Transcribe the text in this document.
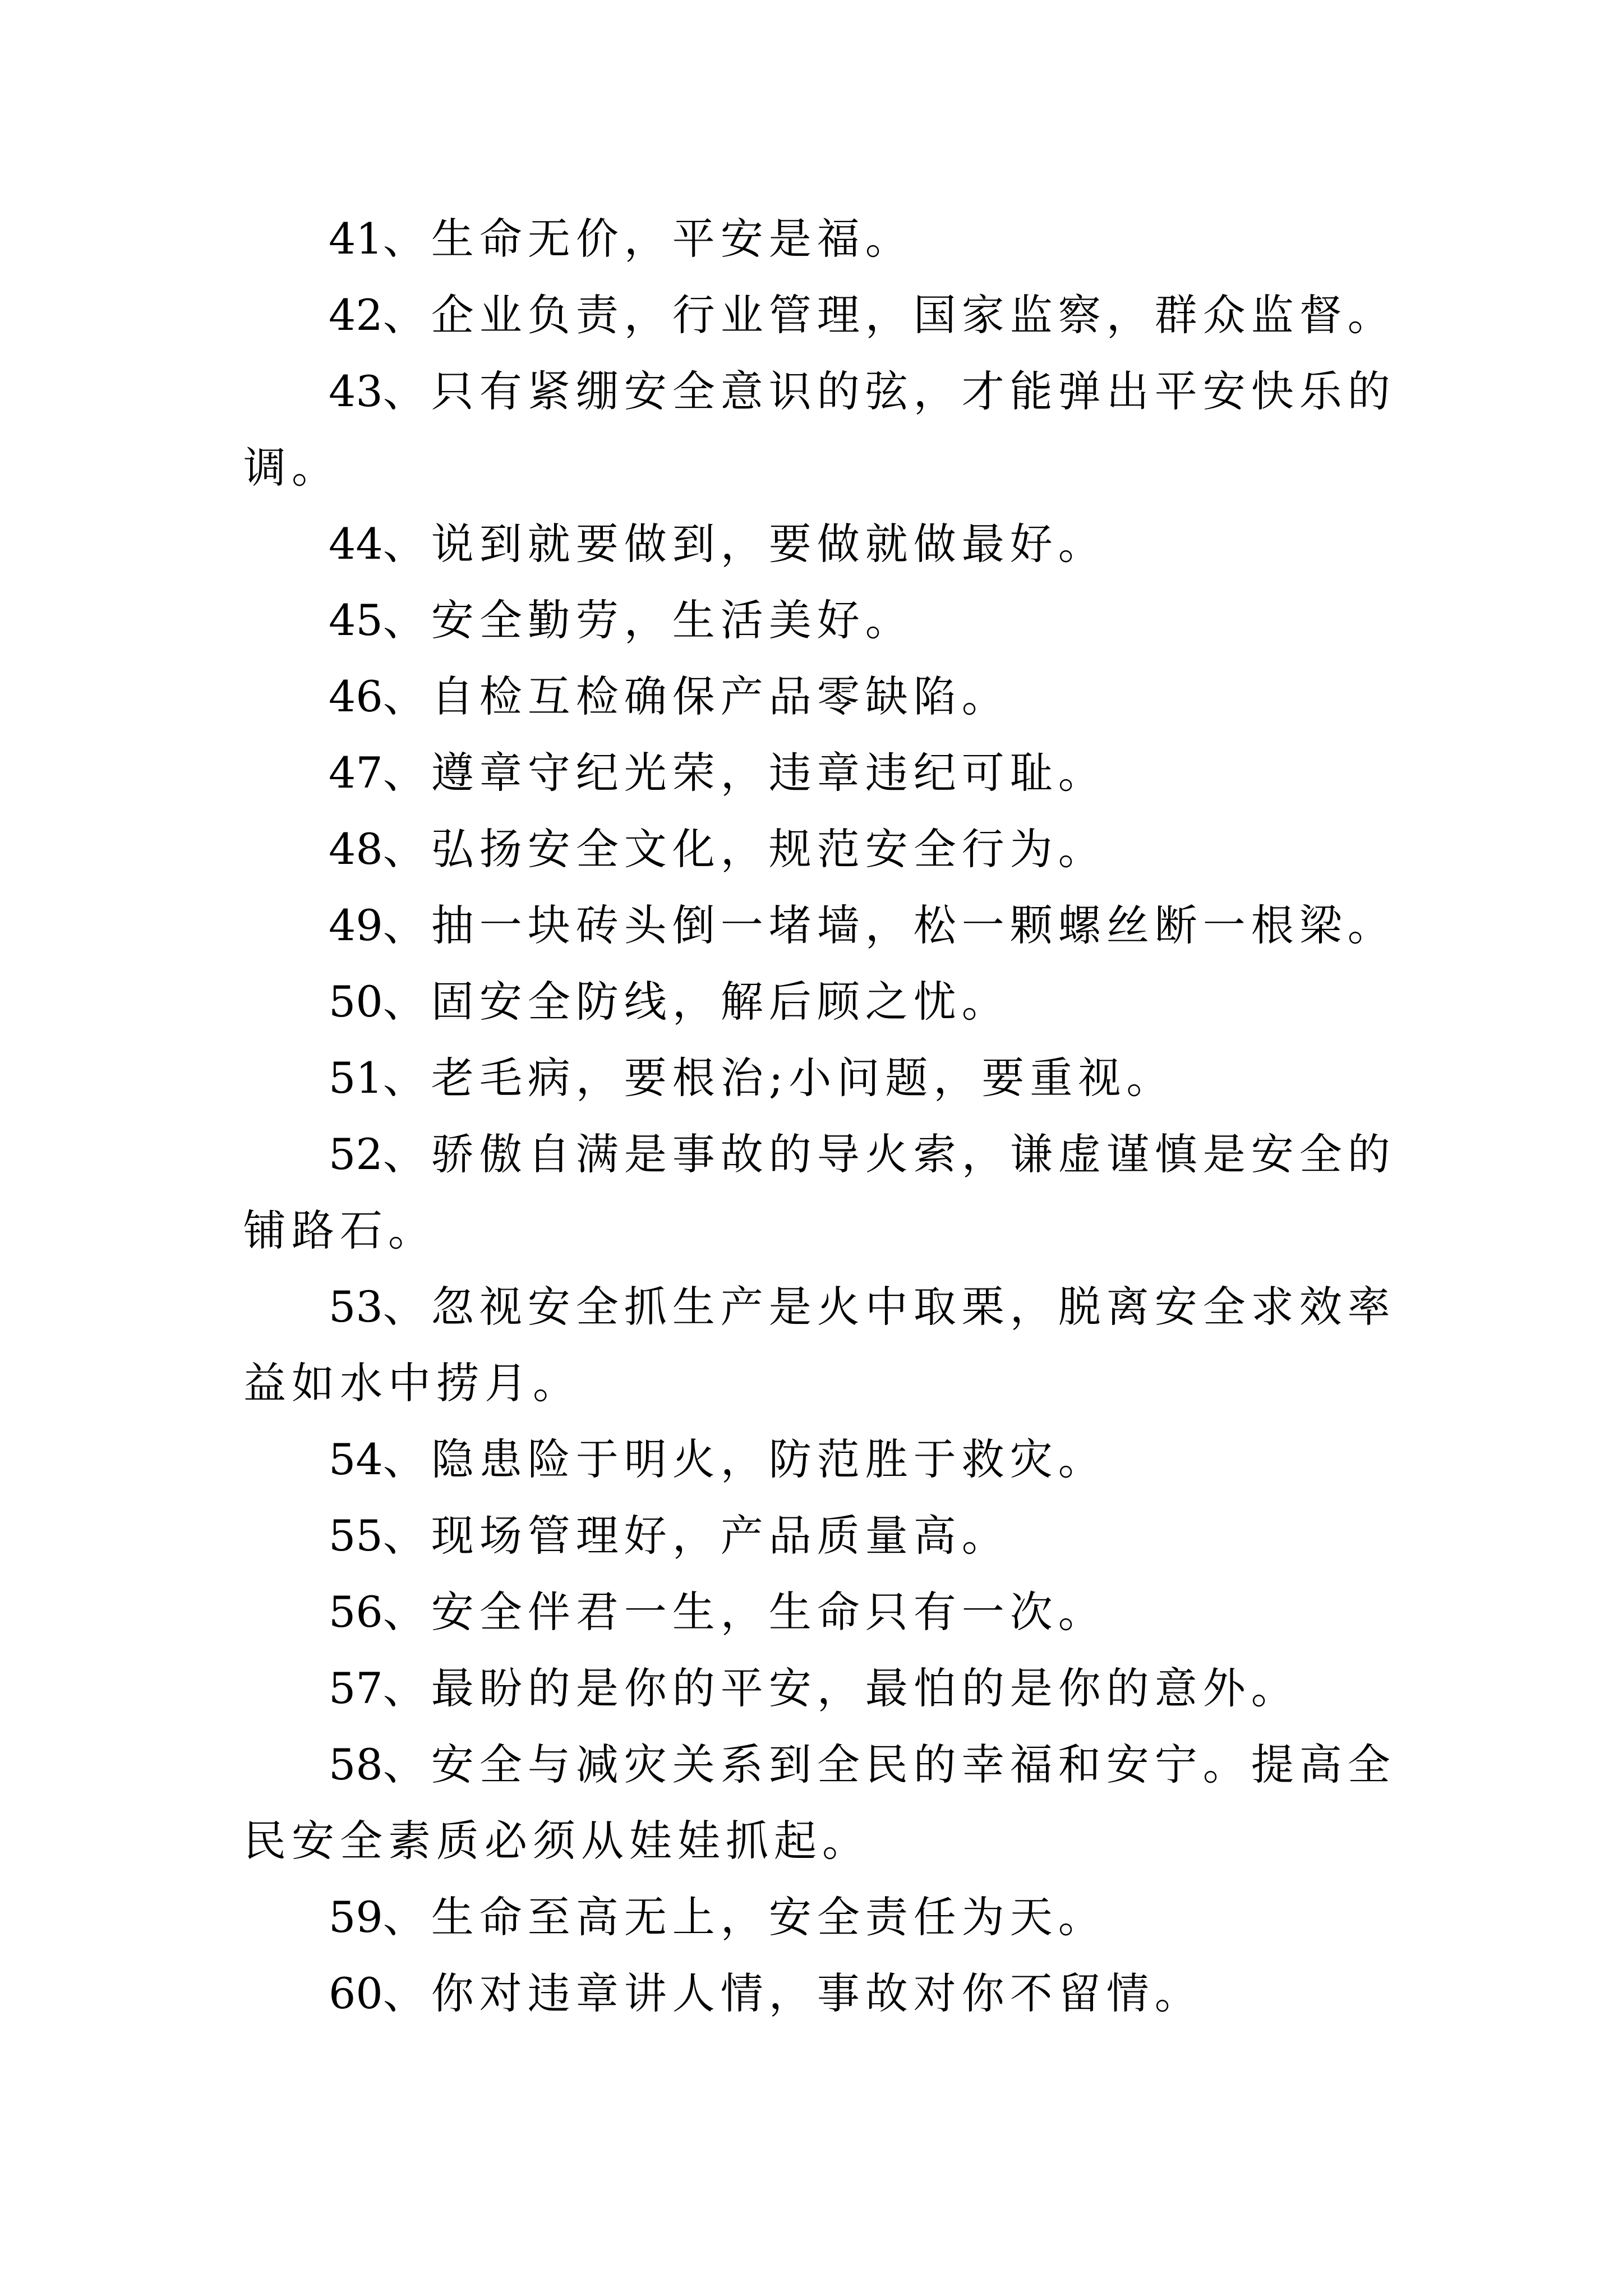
41、生命无价，平安是福。

42、企业负责，行业管理，国家监察，群众监督。

43、只有紧绷安全意识的弦，才能弹出平安快乐的调。

44、说到就要做到，要做就做最好。

45、安全勤劳，生活美好。

46、自检互检确保产品零缺陷。

47、遵章守纪光荣，违章违纪可耻。

48、弘扬安全文化，规范安全行为。

49、抽一块砖头倒一堵墙，松一颗螺丝断一根梁。

50、固安全防线，解后顾之忧。

51、老毛病，要根治;小问题，要重视。

52、骄傲自满是事故的导火索，谦虚谨慎是安全的铺路石。

53、忽视安全抓生产是火中取栗，脱离安全求效率益如水中捞月。

54、隐患险于明火，防范胜于救灾。

55、现场管理好，产品质量高。

56、安全伴君一生，生命只有一次。

57、最盼的是你的平安，最怕的是你的意外。

58、安全与减灾关系到全民的幸福和安宁。提高全民安全素质必须从娃娃抓起。

59、生命至高无上，安全责任为天。

60、你对违章讲人情，事故对你不留情。
